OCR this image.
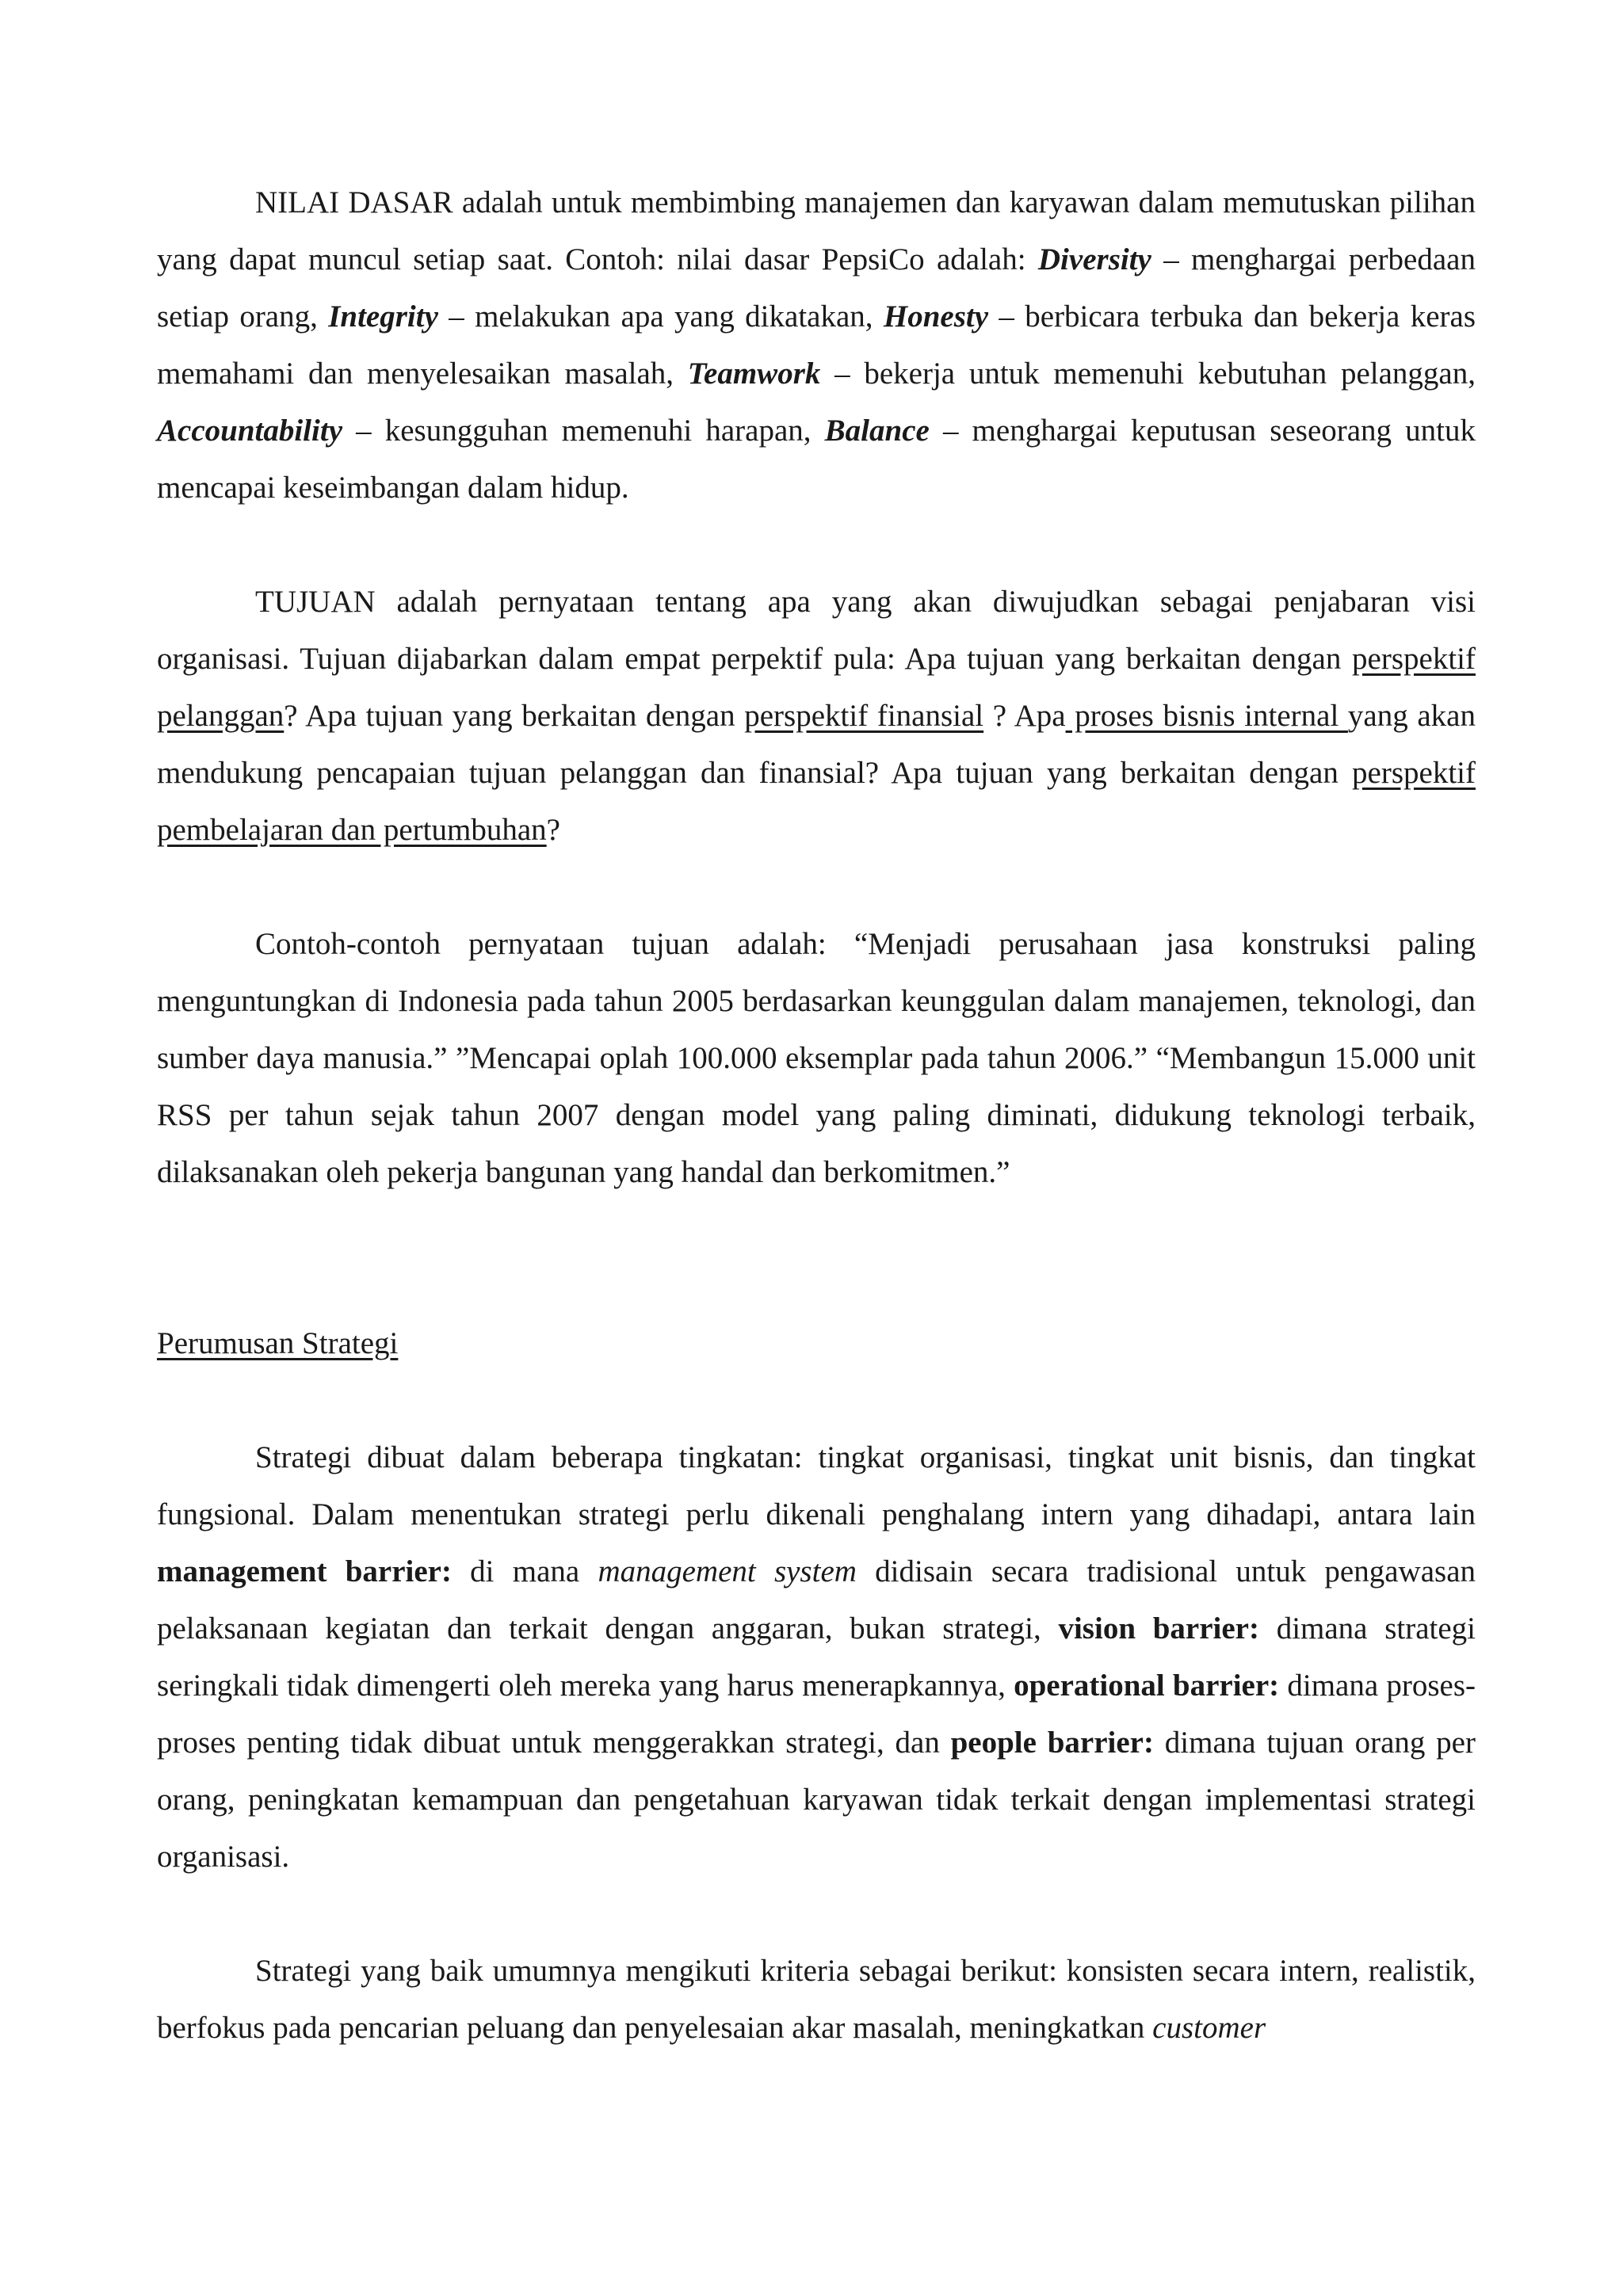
NILAI DASAR adalah untuk membimbing manajemen dan karyawan dalam memutuskan pilihan yang dapat muncul setiap saat. Contoh: nilai dasar PepsiCo adalah: Diversity – menghargai perbedaan setiap orang, Integrity – melakukan apa yang dikatakan, Honesty – berbicara terbuka dan bekerja keras memahami dan menyelesaikan masalah, Teamwork – bekerja untuk memenuhi kebutuhan pelanggan, Accountability – kesungguhan memenuhi harapan, Balance – menghargai keputusan seseorang untuk mencapai keseimbangan dalam hidup.

TUJUAN adalah pernyataan tentang apa yang akan diwujudkan sebagai penjabaran visi organisasi. Tujuan dijabarkan dalam empat perpektif pula: Apa tujuan yang berkaitan dengan perspektif pelanggan? Apa tujuan yang berkaitan dengan perspektif finansial ? Apa proses bisnis internal yang akan mendukung pencapaian tujuan pelanggan dan finansial? Apa tujuan yang berkaitan dengan perspektif pembelajaran dan pertumbuhan?

Contoh-contoh pernyataan tujuan adalah: “Menjadi perusahaan jasa konstruksi paling menguntungkan di Indonesia pada tahun 2005 berdasarkan keunggulan dalam manajemen, teknologi, dan sumber daya manusia.” ”Mencapai oplah 100.000 eksemplar pada tahun 2006.” “Membangun 15.000 unit RSS per tahun sejak tahun 2007 dengan model yang paling diminati, didukung teknologi terbaik, dilaksanakan oleh pekerja bangunan yang handal dan berkomitmen.”

Perumusan Strategi

Strategi dibuat dalam beberapa tingkatan: tingkat organisasi, tingkat unit bisnis, dan tingkat fungsional. Dalam menentukan strategi perlu dikenali penghalang intern yang dihadapi, antara lain management barrier: di mana management system didisain secara tradisional untuk pengawasan pelaksanaan kegiatan dan terkait dengan anggaran, bukan strategi, vision barrier: dimana strategi seringkali tidak dimengerti oleh mereka yang harus menerapkannya, operational barrier: dimana proses-proses penting tidak dibuat untuk menggerakkan strategi, dan people barrier: dimana tujuan orang per orang, peningkatan kemampuan dan pengetahuan karyawan tidak terkait dengan implementasi strategi organisasi.

Strategi yang baik umumnya mengikuti kriteria sebagai berikut: konsisten secara intern, realistik, berfokus pada pencarian peluang dan penyelesaian akar masalah, meningkatkan customer
